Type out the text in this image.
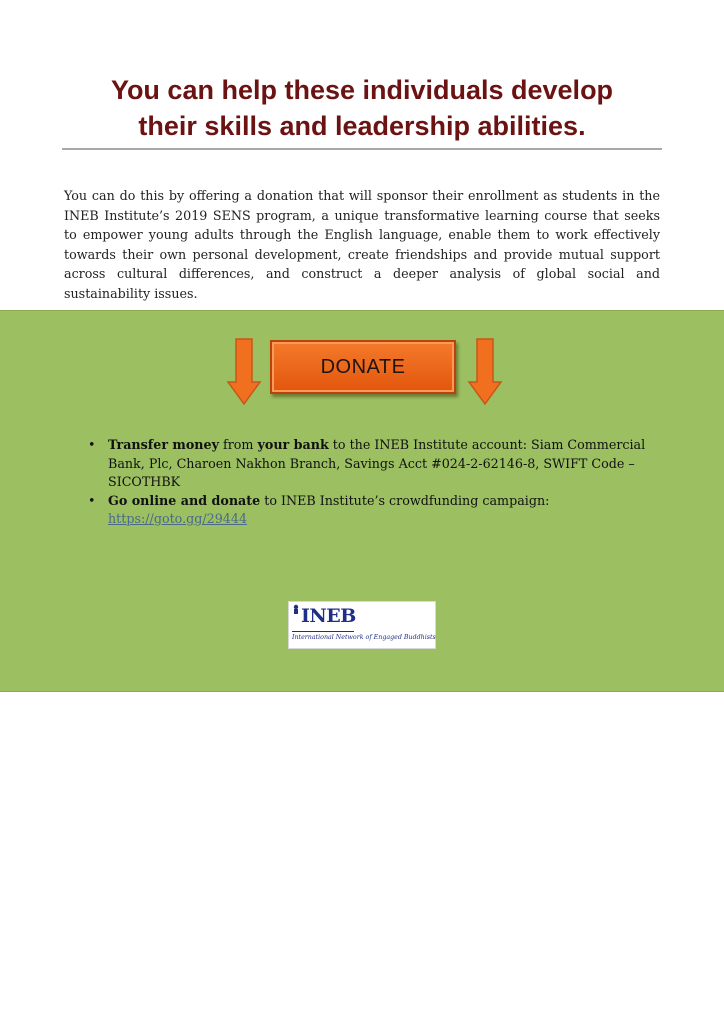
You can help these individuals develop
their skills and leadership abilities.

You can do this by offering a donation that will sponsor their enrollment as students in the INEB Institute’s 2019 SENS program, a unique transformative learning course that seeks to empower young adults through the English language, enable them to work effectively towards their own personal development, create friendships and provide mutual support across cultural differences, and construct a deeper analysis of global social and sustainability issues.

DONATE
• Transfer money from your bank to the INEB Institute account: Siam Commercial Bank, Plc, Charoen Nakhon Branch, Savings Acct #024-2-62146-8, SWIFT Code – SICOTHBK
• Go online and donate to INEB Institute’s crowdfunding campaign: https://goto.gg/29444
INEB
International Network of Engaged Buddhists
